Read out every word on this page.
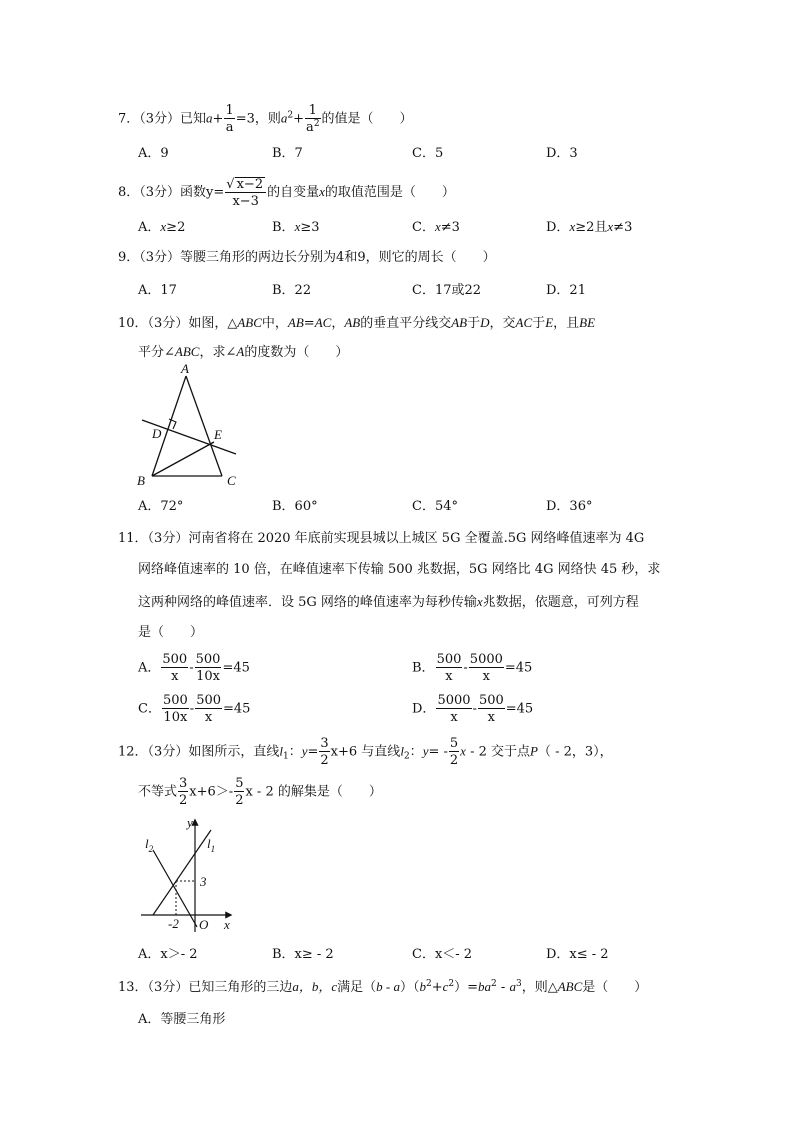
7．（3分）已知$a+ \frac{1}{a} =3$，则$a^2+ \frac{1}{a^2}$ 的值是（　　）
A．9	B．7	C．5	D．3
8．（3分）函数$y= \frac{√ x-2}{x-3}$ 的自变量x的取值范围是（　　）
A．x≥2	B．x≥3	C．x≠3	D．x≥2且x≠3
9．（3分）等腰三角形的两边长分别为4和9，则它的周长（　　）
A．17	B．22	C．17或22	D．21
10．（3分）如图，△ABC中，AB=AC，AB的垂直平分线交AB于D，交AC于E，且BE
平分∠ABC，求∠A的度数为（　　）
A
B	C
D	E
A．72°	B．60°	C．54°	D．36°
11．（3分）河南省将在 2020 年底前实现县城以上城区 5G 全覆盖.5G 网络峰值速率为 4G
网络峰值速率的 10 倍，在峰值速率下传输 500 兆数据，5G 网络比 4G 网络快 45 秒，求
这两种网络的峰值速率．设 5G 网络的峰值速率为每秒传输x兆数据，依题意，可列方程
是（　　）
A． $\frac{500}{x} - \frac{500}{10x} =45$	B． $\frac{500}{x} - \frac{5000}{x} =45$
C． $\frac{500}{10x} - \frac{500}{x} =45$	D． $\frac{5000}{x} - \frac{500}{x} =45$
12．（3分）如图所示，直线$l_1$：$y= \frac{3}{2} x+6$ 与直线$l_2$：$y= - \frac{5}{2}$ x - 2 交于点P（ - 2，3），
不等式 $\frac{3}{2} x+6>- \frac{5}{2}$ x - 2 的解集是（　　）
y
x
O
$l_2$	$l_1$
3
-2
A．x＞- 2	B．x≥ - 2	C．x＜- 2	D．x≤ - 2
13．（3分）已知三角形的三边a，b，c满足$(b - a)(b^2+c^2)=ba^2 - a^3$，则△ABC是（　　）
A．等腰三角形
